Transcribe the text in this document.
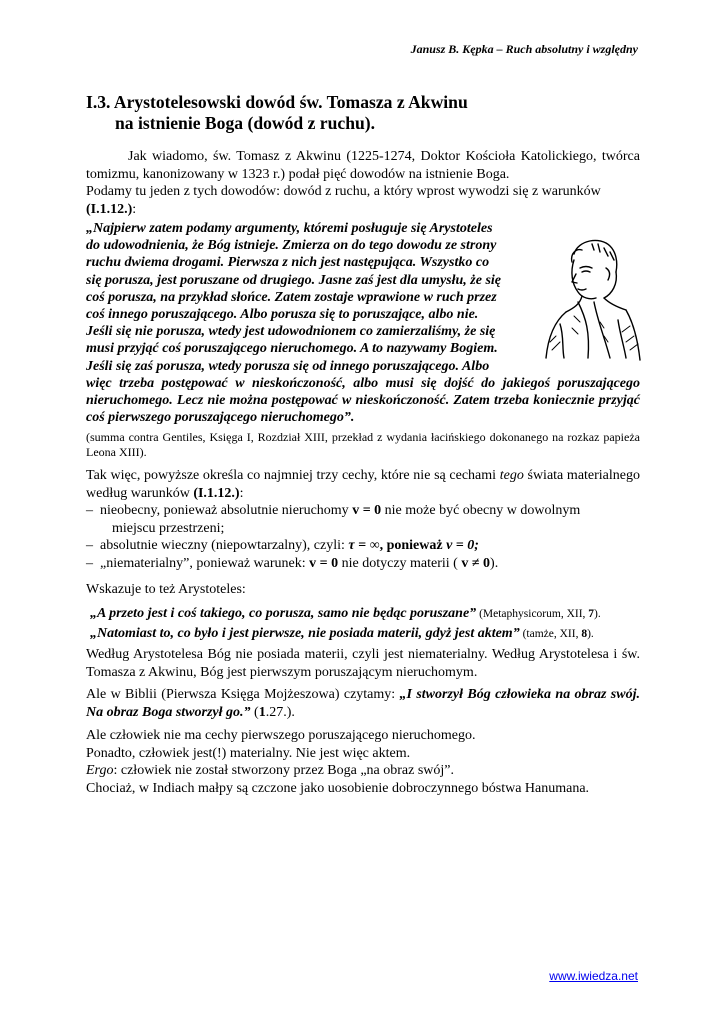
Janusz B. Kępka – Ruch absolutny i względny
I.3. Arystotelesowski dowód św. Tomasza z Akwinu
na istnienie Boga (dowód z ruchu).

Jak wiadomo, św. Tomasz z Akwinu (1225-1274, Doktor Kościoła Katolickiego, twórca tomizmu, kanonizowany w 1323 r.) podał pięć dowodów na istnienie Boga.

Podamy tu jeden z tych dowodów: dowód z ruchu, a który wprost wywodzi się z warunków (I.1.12.):

„Najpierw zatem podamy argumenty, któremi posługuje się Arystoteles
do udowodnienia, że Bóg istnieje. Zmierza on do tego dowodu ze strony
ruchu dwiema drogami. Pierwsza z nich jest następująca. Wszystko co
się porusza, jest poruszane od drugiego. Jasne zaś jest dla umysłu, że się
coś porusza, na przykład słońce. Zatem zostaje wprawione w ruch przez
coś innego poruszającego. Albo porusza się to poruszające, albo nie.
Jeśli się nie porusza, wtedy jest udowodnionem co zamierzaliśmy, że się
musi przyjąć coś poruszającego nieruchomego. A to nazywamy Bogiem.
Jeśli się zaś porusza, wtedy porusza się od innego poruszającego. Albo
więc trzeba postępować w nieskończoność, albo musi się dojść do jakiegoś poruszającego nieruchomego. Lecz nie można postępować w nieskończoność. Zatem trzeba koniecznie przyjąć coś pierwszego poruszającego nieruchomego”.

(summa contra Gentiles, Księga I, Rozdział XIII, przekład z wydania łacińskiego dokonanego na rozkaz papieża Leona XIII).

Tak więc, powyższe określa co najmniej trzy cechy, które nie są cechami tego świata materialnego według warunków (I.1.12.):

– nieobecny, ponieważ absolutnie nieruchomy v = 0 nie może być obecny w dowolnym
miejscu przestrzeni;
– absolutnie wieczny (niepowtarzalny), czyli: τ = ∞, ponieważ ν = 0;
– „niematerialny”, ponieważ warunek: v = 0 nie dotyczy materii ( v ≠ 0).

Wskazuje to też Arystoteles:

„A przeto jest i coś takiego, co porusza, samo nie będąc poruszane” (Metaphysicorum, XII, 7).

„Natomiast to, co było i jest pierwsze, nie posiada materii, gdyż jest aktem” (tamże, XII, 8).

Według Arystotelesa Bóg nie posiada materii, czyli jest niematerialny. Według Arystotelesa i św. Tomasza z Akwinu, Bóg jest pierwszym poruszającym nieruchomym.

Ale w Biblii (Pierwsza Księga Mojżeszowa) czytamy: „I stworzył Bóg człowieka na obraz swój. Na obraz Boga stworzył go.” (1.27.).

Ale człowiek nie ma cechy pierwszego poruszającego nieruchomego.

Ponadto, człowiek jest(!) materialny. Nie jest więc aktem.

Ergo: człowiek nie został stworzony przez Boga „na obraz swój”.

Chociaż, w Indiach małpy są czczone jako uosobienie dobroczynnego bóstwa Hanumana.

www.iwiedza.net
